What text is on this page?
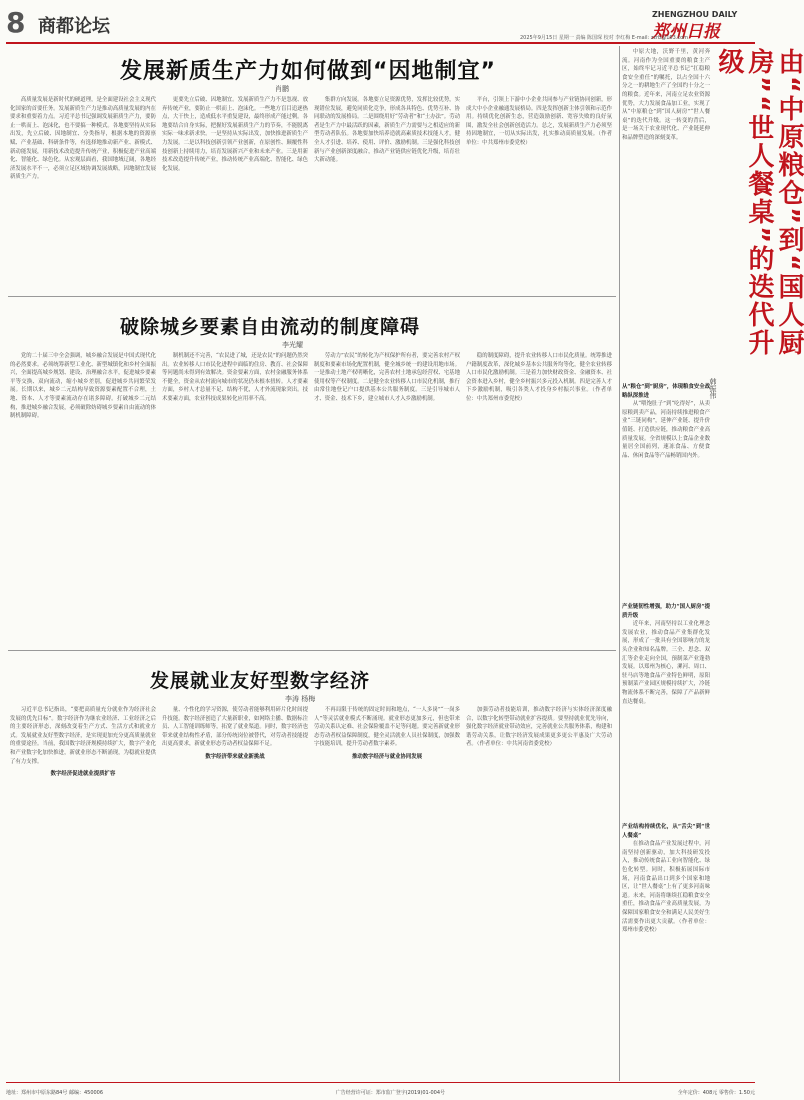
8 商都论坛
ZHENGZHOU DAILY
郑州日报
2025年9月15日 星期一 责编 陈国琛 校对 李红梅 E-mail: zzrb@163.com
发展新质生产力如何做到“因地制宜”
肖鹏

高质量发展是新时代的硬道理，是全面建设社会主义现代化国家的首要任务。发展新质生产力是推动高质量发展的内在要求和重要着力点。习近平总书记强调发展新质生产力，要防止一哄而上、泡沫化，也不要搞一种模式。各地要坚持从实际出发，先立后破、因地制宜、分类指导，根据本地的资源禀赋、产业基础、科研条件等，有选择地推动新产业、新模式、新动能发展，用新技术改造提升传统产业，积极促进产业高端化、智能化、绿色化。从宏观层面看，我国地域辽阔，各地经济发展水平不一，必须立足区域协调发展战略，因地制宜发展新质生产力。

更要先立后破、因地制宜。发展新质生产力不是忽视、放弃传统产业，要防止一哄而上、泡沫化。一些地方盲目追逐热点，大干快上，造成低水平重复建设，最终形成产能过剩。各地要结合自身实际，把握好发展新质生产力的节奏，不能脱离实际一味求新求快。一是坚持从实际出发，加快推进新质生产力发展。二是以科技创新引领产业创新，在原创性、颠覆性科技创新上持续用力，培育发展新兴产业和未来产业。三是用新技术改造提升传统产业，推动传统产业高端化、智能化、绿色化发展。

集群方向发展。各地要立足资源优势，发挥比较优势，实现错位发展，避免同质化竞争，形成各具特色、优势互补、协同联动的发展格局。二是围绕用好“劳动者”和“土办法”。劳动者是生产力中最活跃的因素，新质生产力需要与之相适应的新型劳动者队伍。各地要加快培养造就高素质技术技能人才，健全人才引进、培养、使用、评价、激励机制。三是强化科技创新与产业创新深度融合，推动产业链供应链优化升级，培育壮大新动能。

平台，引领上下游中小企业共同参与产业链协同创新，形成大中小企业融通发展格局。四是发挥创新主体引领和示范作用。持续优化创新生态，营造鼓励创新、宽容失败的良好氛围，激发全社会创新创造活力。总之，发展新质生产力必须坚持因地制宜，一切从实际出发，扎实推动高质量发展。（作者单位：中共郑州市委党校）

破除城乡要素自由流动的制度障碍
李光耀

党的二十届三中全会强调，城乡融合发展是中国式现代化的必然要求。必须统筹新型工业化、新型城镇化和乡村全面振兴，全面提高城乡规划、建设、治理融合水平，促进城乡要素平等交换、双向流动，缩小城乡差别，促进城乡共同繁荣发展。长期以来，城乡二元结构导致资源要素配置不合理，土地、资本、人才等要素流动存在诸多障碍。打破城乡二元结构，推进城乡融合发展，必须破除妨碍城乡要素自由流动的体制机制障碍。

制机制还不完善，“农民进了城，还是农民”的问题仍然突出。农业转移人口市民化进程中面临的住房、教育、社会保障等问题尚未得到有效解决。资金要素方面，农村金融服务体系不健全，资金从农村流向城市的状况仍未根本扭转。人才要素方面，乡村人才总量不足、结构不优，人才外流现象突出。技术要素方面，农业科技成果转化应用率不高。

劳动力”农民“的转化为产权保护所有者，要完善农村产权制度和要素市场化配置机制，健全城乡统一的建设用地市场。一是推动土地产权明晰化，完善农村土地承包经营权、宅基地使用权等产权制度。二是健全农业转移人口市民化机制，推行由常住地登记户口提供基本公共服务制度。三是引导城市人才、资金、技术下乡，建立城市人才入乡激励机制。

稳的制度障碍，提升农业转移人口市民化质量。统筹推进户籍制度改革，深化城乡基本公共服务均等化，健全农业转移人口市民化激励机制。三是着力加快财政资金、金融资本、社会资本进入乡村，健全乡村振兴多元投入机制。四是完善人才下乡激励机制，吸引各类人才投身乡村振兴事业。（作者单位：中共郑州市委党校）

发展就业友好型数字经济
李涛 杨梅

习近平总书记指出，“要把高质量充分就业作为经济社会发展的优先目标”。数字经济作为继农业经济、工业经济之后的主要经济形态，深刻改变着生产方式、生活方式和就业方式。发展就业友好型数字经济，是实现更加充分更高质量就业的重要途径。当前，我国数字经济规模持续扩大，数字产业化和产业数字化加快推进，新就业形态不断涌现，为稳就业提供了有力支撑。

数字经济促进就业提质扩容

量、个性化的学习资源，使劳动者能够利用碎片化时间提升技能。数字经济创造了大量新职业，如网络主播、数据标注员、人工智能训练师等，拓宽了就业渠道。同时，数字经济也带来就业结构性矛盾，部分传统岗位被替代，对劳动者技能提出更高要求，新就业形态劳动者权益保障不足。

数字经济带来就业新挑战

不再局限于传统的固定时间和地点，“一人多岗”“一岗多人”等灵活就业模式不断涌现。就业形态更加多元，但也带来劳动关系认定难、社会保险覆盖不足等问题。要完善新就业形态劳动者权益保障制度，健全灵活就业人员社保制度，加强数字技能培训，提升劳动者数字素养。

推动数字经济与就业协同发展

加强劳动者技能培训，推动数字经济与实体经济深度融合，以数字化转型带动就业扩容提质。要坚持就业优先导向，强化数字经济就业带动效应，完善就业公共服务体系，构建和谐劳动关系，让数字经济发展成果更多更公平惠及广大劳动者。（作者单位：中共河南省委党校）

中原大地，沃野千里，黄河奔流。河南作为全国重要的粮食主产区，始终牢记习近平总书记“扛稳粮食安全重任”的嘱托，以占全国十六分之一的耕地生产了全国约十分之一的粮食。近年来，河南立足农业资源优势，大力发展食品加工业，实现了从“中原粮仓”到“国人厨房”“世人餐桌”的迭代升级。这一转变的背后，是一场关于农业现代化、产业链延伸和品牌塑造的深刻变革。

从“粮仓”到“厨房”，体现粮食安全战略纵深推进

从“喂饱肚子”到“吃得好”，从卖原粮到卖产品，河南持续推进粮食产业“三链同构”，延伸产业链、提升价值链、打造供应链，推动粮食产业高质量发展。全省规模以上食品企业数量居全国前列，速冻食品、方便食品、休闲食品等产品畅销国内外。

产业链韧性增强，助力“国人厨房”提质升级

近年来，河南坚持以工业化理念发展农业，推动食品产业集群化发展，形成了一批具有全国影响力的龙头企业和知名品牌。三全、思念、双汇等企业走向全国，预制菜产业蓬勃发展。以郑州为核心，漯河、周口、驻马店等地食品产业特色鲜明，原阳预制菜产业园区规模持续扩大，冷链物流体系不断完善，保障了产品新鲜直达餐桌。

产业结构持续优化，从“舌尖”到“世人餐桌”

在推动食品产业发展过程中，河南坚持创新驱动，加大科技研发投入，推动传统食品工业向智能化、绿色化转型。同时，积极拓展国际市场，河南食品出口到多个国家和地区，让“世人餐桌”上有了更多河南味道。未来，河南将继续扛稳粮食安全重任，推动食品产业高质量发展，为保障国家粮食安全和满足人民美好生活需要作出更大贡献。（作者单位：郑州市委党校）

由“中原粮仓”到“国人厨房”“世人餐桌”的迭代升级
韩振伟
地址：郑州市中原东路84号 邮编：450006	广告经营许可证：郑市监广登字(2019)01-004号	全年定价：408元 零售价：1.50元
